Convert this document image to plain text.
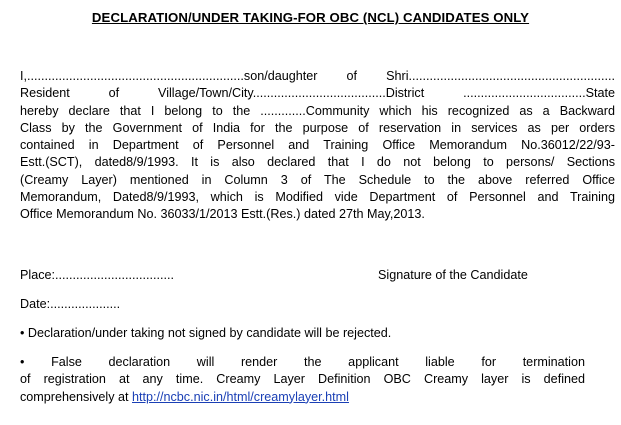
DECLARATION/UNDER TAKING-FOR OBC (NCL) CANDIDATES ONLY
I,..............................................................son/daughter of Shri...........................................................
Resident of Village/Town/City......................................District ...................................State
hereby declare that I belong to the .............Community which his recognized as a Backward
Class by the Government of India for the purpose of reservation in services as per orders
contained in Department of Personnel and Training Office Memorandum No.36012/22/93-
Estt.(SCT), dated8/9/1993. It is also declared that I do not belong to persons/ Sections
(Creamy Layer) mentioned in Column 3 of The Schedule to the above referred Office
Memorandum, Dated8/9/1993, which is Modified vide Department of Personnel and Training
Office Memorandum No. 36033/1/2013 Estt.(Res.) dated 27th May,2013.
Place:..................................	Signature of the Candidate
Date:....................
• Declaration/under taking not signed by candidate will be rejected.
• False declaration will render the applicant liable for termination
of registration at any time. Creamy Layer Definition OBC Creamy layer is defined
comprehensively at http://ncbc.nic.in/html/creamylayer.html
